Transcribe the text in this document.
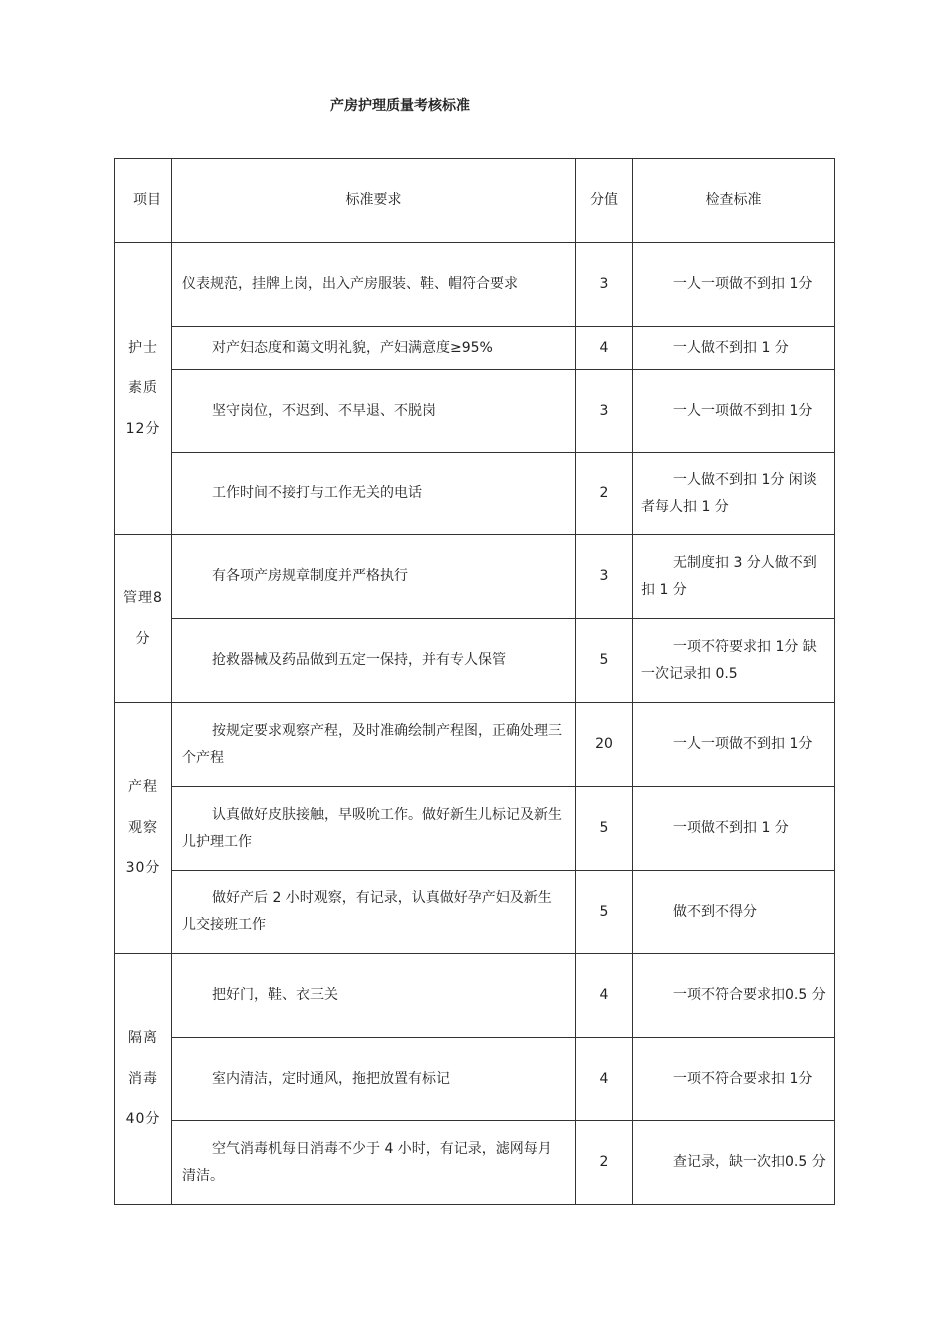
产房护理质量考核标准
项目	标准要求	分值	检查标准
护士素质12分	仪表规范，挂牌上岗，出入产房服装、鞋、帽符合要求	3	一人一项做不到扣 1分

	对产妇态度和蔼文明礼貌，产妇满意度≥95%	4	一人做不到扣 1 分

	坚守岗位，不迟到、不早退、不脱岗	3	一人一项做不到扣 1分

	工作时间不接打与工作无关的电话	2	一人做不到扣 1分 闲谈者每人扣 1 分

管理8分	有各项产房规章制度并严格执行	3	无制度扣 3 分人做不到扣 1 分

	抢救器械及药品做到五定一保持，并有专人保管	5	一项不符要求扣 1分 缺一次记录扣 0.5

产程观察30分	按规定要求观察产程，及时准确绘制产程图，正确处理三个产程	20	一人一项做不到扣 1分

	认真做好皮肤接触，早吸吮工作。做好新生儿标记及新生儿护理工作	5	一项做不到扣 1 分

	做好产后 2 小时观察，有记录，认真做好孕产妇及新生儿交接班工作	5	做不到不得分

隔离消毒40分	把好门，鞋、衣三关	4	一项不符合要求扣0.5 分

	室内清洁，定时通风，拖把放置有标记	4	一项不符合要求扣 1分

	空气消毒机每日消毒不少于 4 小时，有记录，滤网每月清洁。	2	查记录，缺一次扣0.5 分
